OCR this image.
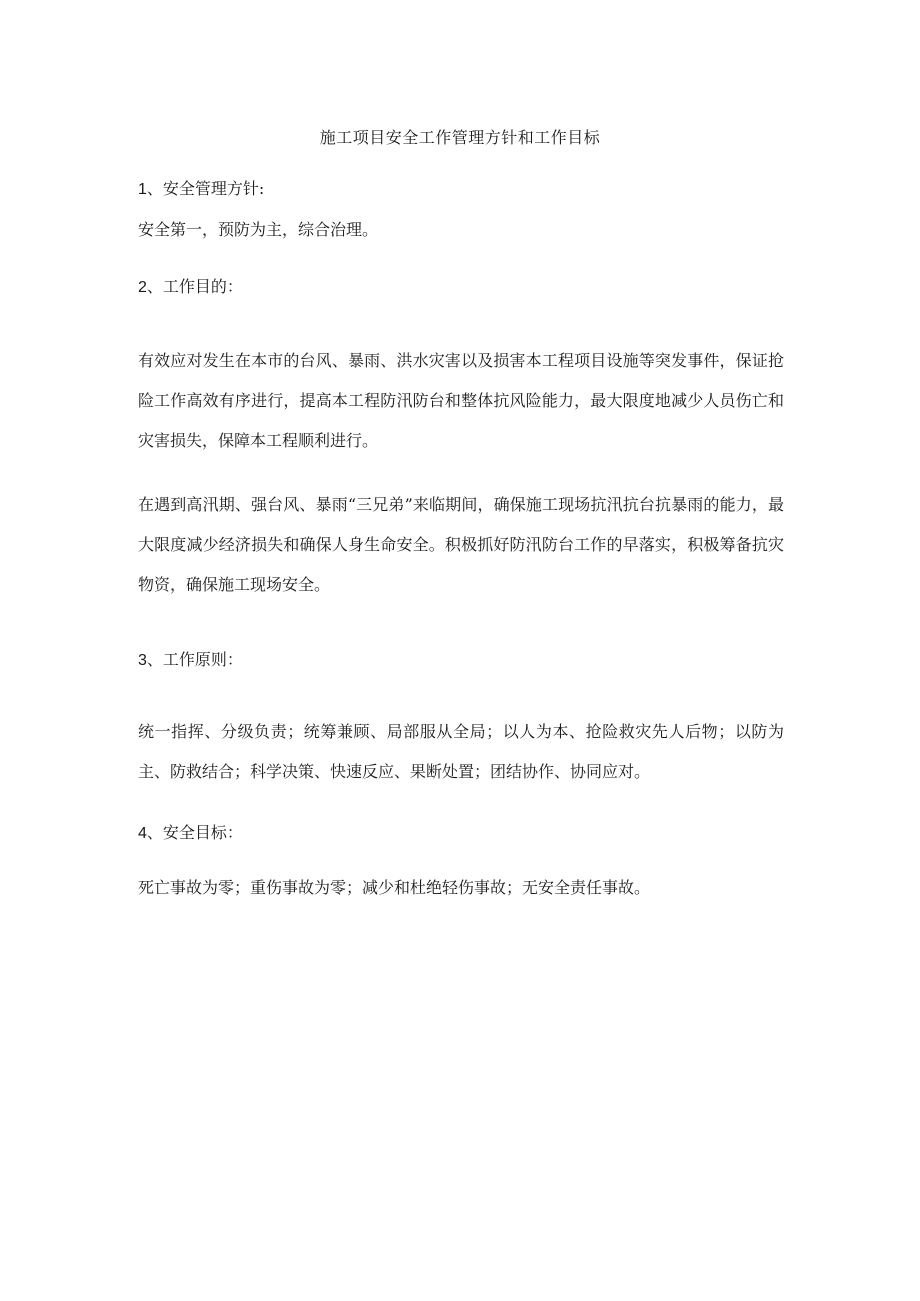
施工项目安全工作管理方针和工作目标
1、安全管理方针:

安全第一，预防为主，综合治理。

2、工作目的：

有效应对发生在本市的台风、暴雨、洪水灾害以及损害本工程项目设施等突发事件，保证抢险工作高效有序进行，提高本工程防汛防台和整体抗风险能力，最大限度地减少人员伤亡和灾害损失，保障本工程顺利进行。

在遇到高汛期、强台风、暴雨“三兄弟”来临期间，确保施工现场抗汛抗台抗暴雨的能力，最大限度减少经济损失和确保人身生命安全。积极抓好防汛防台工作的早落实，积极筹备抗灾物资，确保施工现场安全。

3、工作原则：

统一指挥、分级负责；统筹兼顾、局部服从全局；以人为本、抢险救灾先人后物；以防为主、防救结合；科学决策、快速反应、果断处置；团结协作、协同应对。

4、安全目标：

死亡事故为零；重伤事故为零；减少和杜绝轻伤事故；无安全责任事故。
